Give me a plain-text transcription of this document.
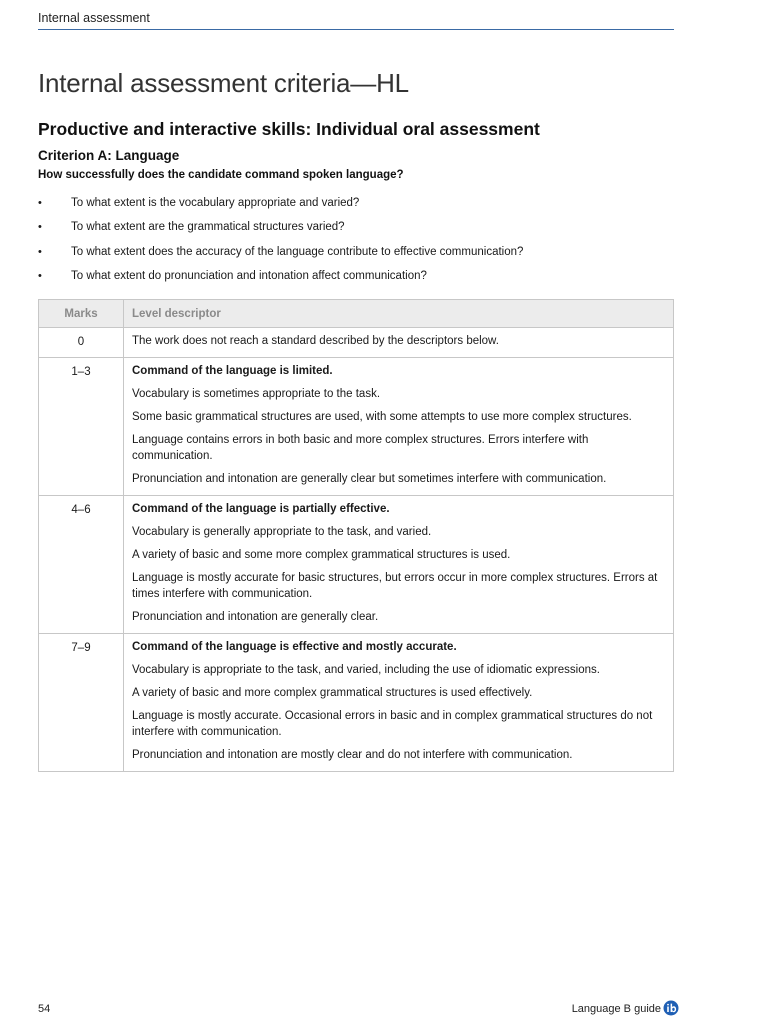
Internal assessment
Internal assessment criteria—HL
Productive and interactive skills: Individual oral assessment
Criterion A: Language

How successfully does the candidate command spoken language?

•	To what extent is the vocabulary appropriate and varied?
•	To what extent are the grammatical structures varied?
•	To what extent does the accuracy of the language contribute to effective communication?
•	To what extent do pronunciation and intonation affect communication?
Marks	Level descriptor
0	The work does not reach a standard described by the descriptors below.

1–3	Command of the language is limited.

Vocabulary is sometimes appropriate to the task.

Some basic grammatical structures are used, with some attempts to use more complex structures.

Language contains errors in both basic and more complex structures. Errors interfere with communication.

Pronunciation and intonation are generally clear but sometimes interfere with communication.

4–6	Command of the language is partially effective.

Vocabulary is generally appropriate to the task, and varied.

A variety of basic and some more complex grammatical structures is used.

Language is mostly accurate for basic structures, but errors occur in more complex structures. Errors at times interfere with communication.

Pronunciation and intonation are generally clear.

7–9	Command of the language is effective and mostly accurate.

Vocabulary is appropriate to the task, and varied, including the use of idiomatic expressions.

A variety of basic and more complex grammatical structures is used effectively.

Language is mostly accurate. Occasional errors in basic and in complex grammatical structures do not interfere with communication.

Pronunciation and intonation are mostly clear and do not interfere with communication.

54	Language B guide
